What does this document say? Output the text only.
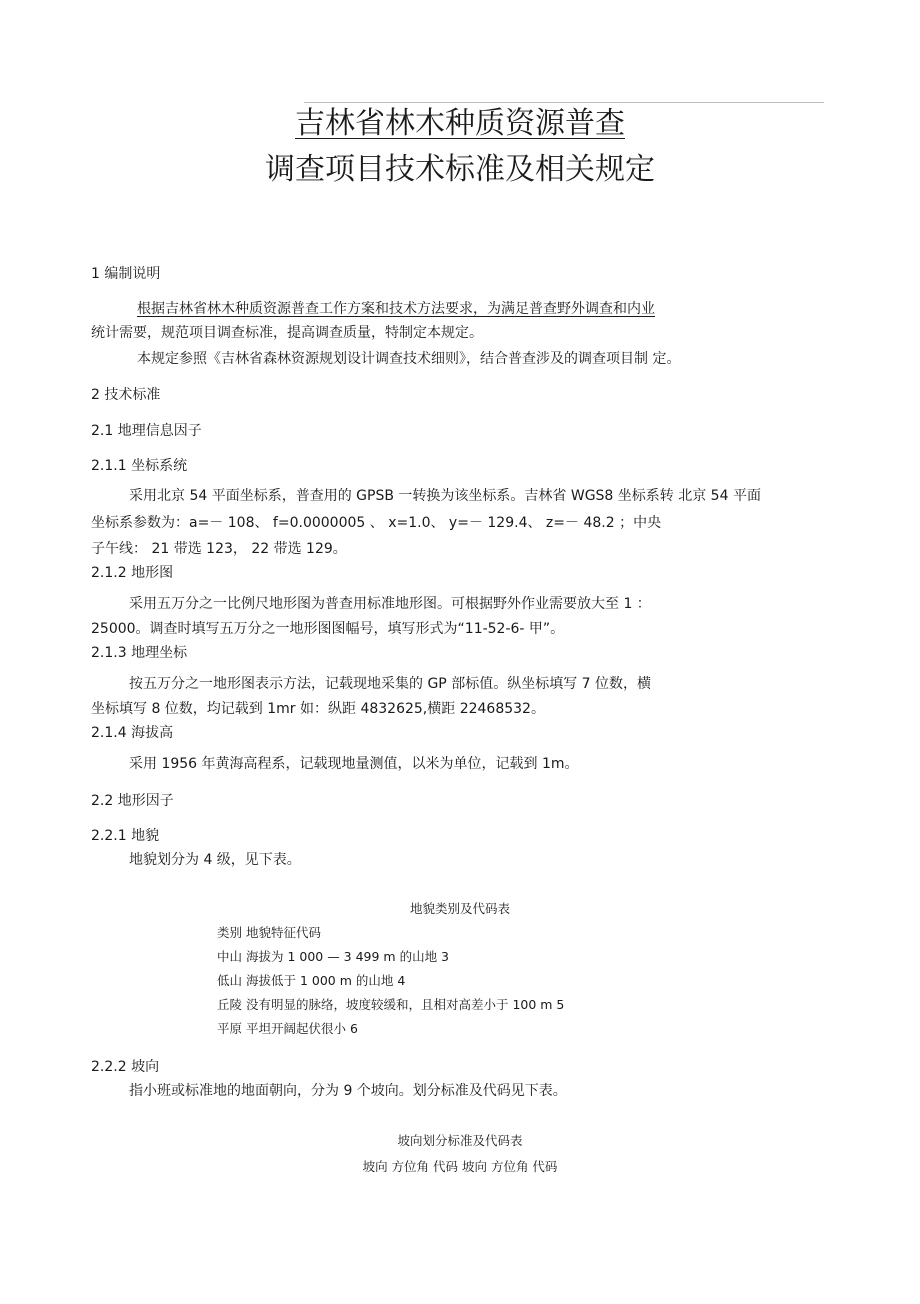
吉林省林木种质资源普查
调查项目技术标准及相关规定
1 编制说明
根据吉林省林木种质资源普查工作方案和技术方法要求，为满足普查野外调查和内业
统计需要，规范项目调查标准，提高调查质量，特制定本规定。
本规定参照《吉林省森林资源规划设计调查技术细则》，结合普查涉及的调查项目制 定。
2 技术标准
2.1 地理信息因子
2.1.1 坐标系统
采用北京 54 平面坐标系，普查用的 GPSB 一转换为该坐标系。吉林省 WGS8 坐标系转 北京 54 平面
坐标系参数为：a=－ 108、 f=0.0000005 、 x=1.0、 y=－ 129.4、 z=－ 48.2 ；中央
子午线： 21 带选 123， 22 带选 129。
2.1.2 地形图
采用五万分之一比例尺地形图为普查用标准地形图。可根据野外作业需要放大至 1 ：
25000。调查时填写五万分之一地形图图幅号，填写形式为“11-52-6- 甲”。
2.1.3 地理坐标
按五万分之一地形图表示方法，记载现地采集的 GP 部标值。纵坐标填写 7 位数，横
坐标填写 8 位数，均记载到 1mr 如：纵距 4832625,横距 22468532。
2.1.4 海拔高
采用 1956 年黄海高程系，记载现地量测值，以米为单位，记载到 1m。
2.2 地形因子
2.2.1 地貌
地貌划分为 4 级，见下表。
地貌类别及代码表
类别 地貌特征代码
中山 海拔为 1 000 — 3 499 m 的山地 3
低山 海拔低于 1 000 m 的山地 4
丘陵 没有明显的脉络，坡度较缓和，且相对高差小于 100 m 5
平原 平坦开阔起伏很小 6
2.2.2 坡向
指小班或标准地的地面朝向，分为 9 个坡向。划分标准及代码见下表。
坡向划分标准及代码表
坡向 方位角 代码 坡向 方位角 代码
